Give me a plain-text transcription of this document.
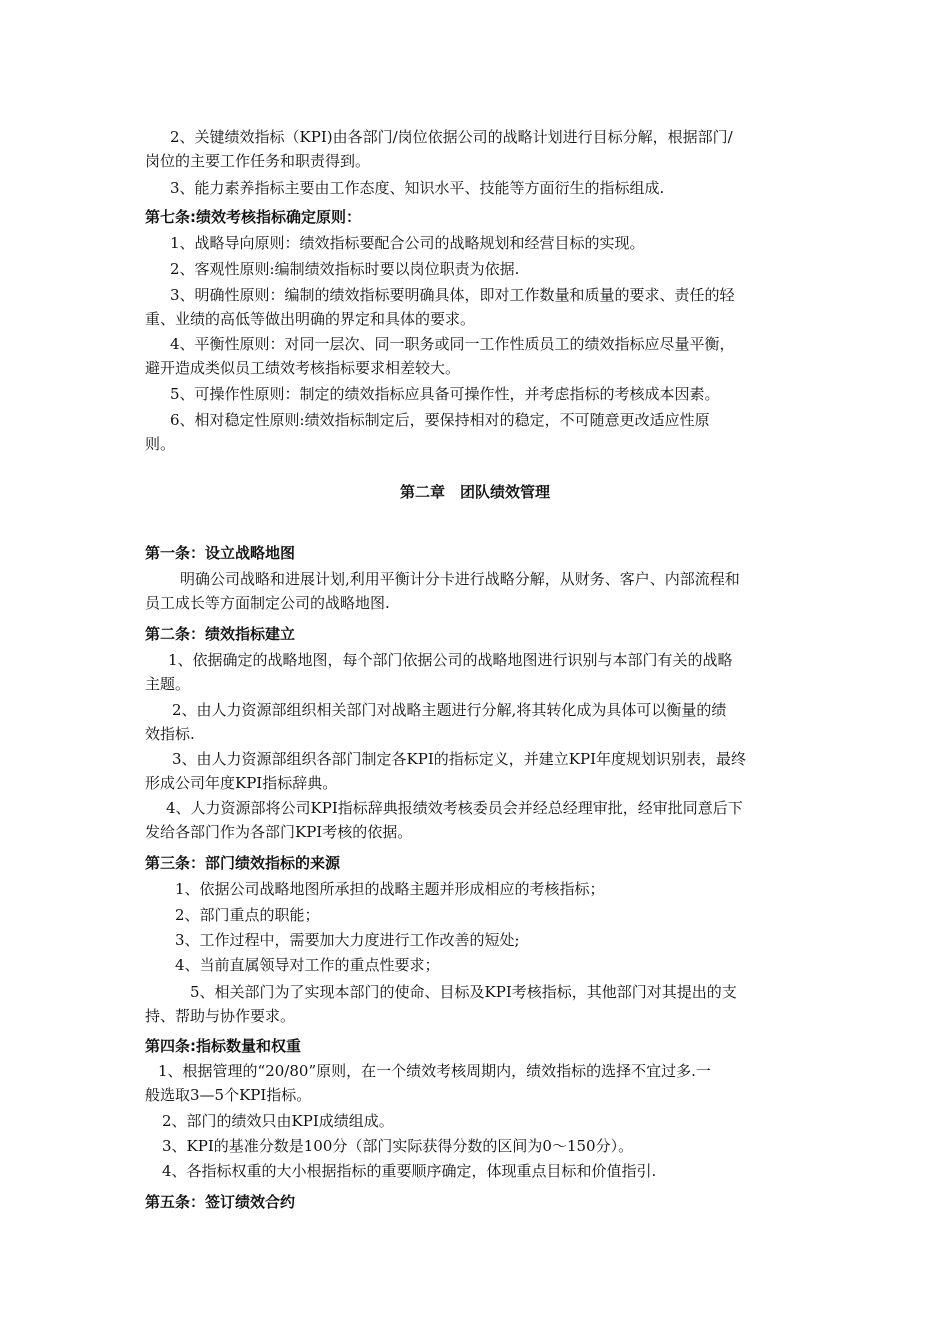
2、关键绩效指标（KPI)由各部门/岗位依据公司的战略计划进行目标分解，根据部门/

岗位的主要工作任务和职责得到。

3、能力素养指标主要由工作态度、知识水平、技能等方面衍生的指标组成.

第七条:绩效考核指标确定原则：

1、战略导向原则：绩效指标要配合公司的战略规划和经营目标的实现。

2、客观性原则:编制绩效指标时要以岗位职责为依据.

3、明确性原则：编制的绩效指标要明确具体，即对工作数量和质量的要求、责任的轻

重、业绩的高低等做出明确的界定和具体的要求。

4、平衡性原则：对同一层次、同一职务或同一工作性质员工的绩效指标应尽量平衡，

避开造成类似员工绩效考核指标要求相差较大。

5、可操作性原则：制定的绩效指标应具备可操作性，并考虑指标的考核成本因素。

6、相对稳定性原则:绩效指标制定后，要保持相对的稳定，不可随意更改适应性原

则。

第二章　团队绩效管理

第一条：设立战略地图

明确公司战略和进展计划,利用平衡计分卡进行战略分解，从财务、客户、内部流程和

员工成长等方面制定公司的战略地图.

第二条：绩效指标建立

1、依据确定的战略地图，每个部门依据公司的战略地图进行识别与本部门有关的战略

主题。

2、由人力资源部组织相关部门对战略主题进行分解,将其转化成为具体可以衡量的绩

效指标.

3、由人力资源部组织各部门制定各KPI的指标定义，并建立KPI年度规划识别表，最终

形成公司年度KPI指标辞典。

4、人力资源部将公司KPI指标辞典报绩效考核委员会并经总经理审批，经审批同意后下

发给各部门作为各部门KPI考核的依据。

第三条：部门绩效指标的来源

1、依据公司战略地图所承担的战略主题并形成相应的考核指标；

2、部门重点的职能；

3、工作过程中，需要加大力度进行工作改善的短处;

4、当前直属领导对工作的重点性要求；

5、相关部门为了实现本部门的使命、目标及KPI考核指标，其他部门对其提出的支

持、帮助与协作要求。

第四条:指标数量和权重

1、根据管理的“20/80”原则，在一个绩效考核周期内，绩效指标的选择不宜过多.一

般选取3—5个KPI指标。

2、部门的绩效只由KPI成绩组成。

3、KPI的基准分数是100分（部门实际获得分数的区间为0～150分）。

4、各指标权重的大小根据指标的重要顺序确定，体现重点目标和价值指引.

第五条：签订绩效合约
